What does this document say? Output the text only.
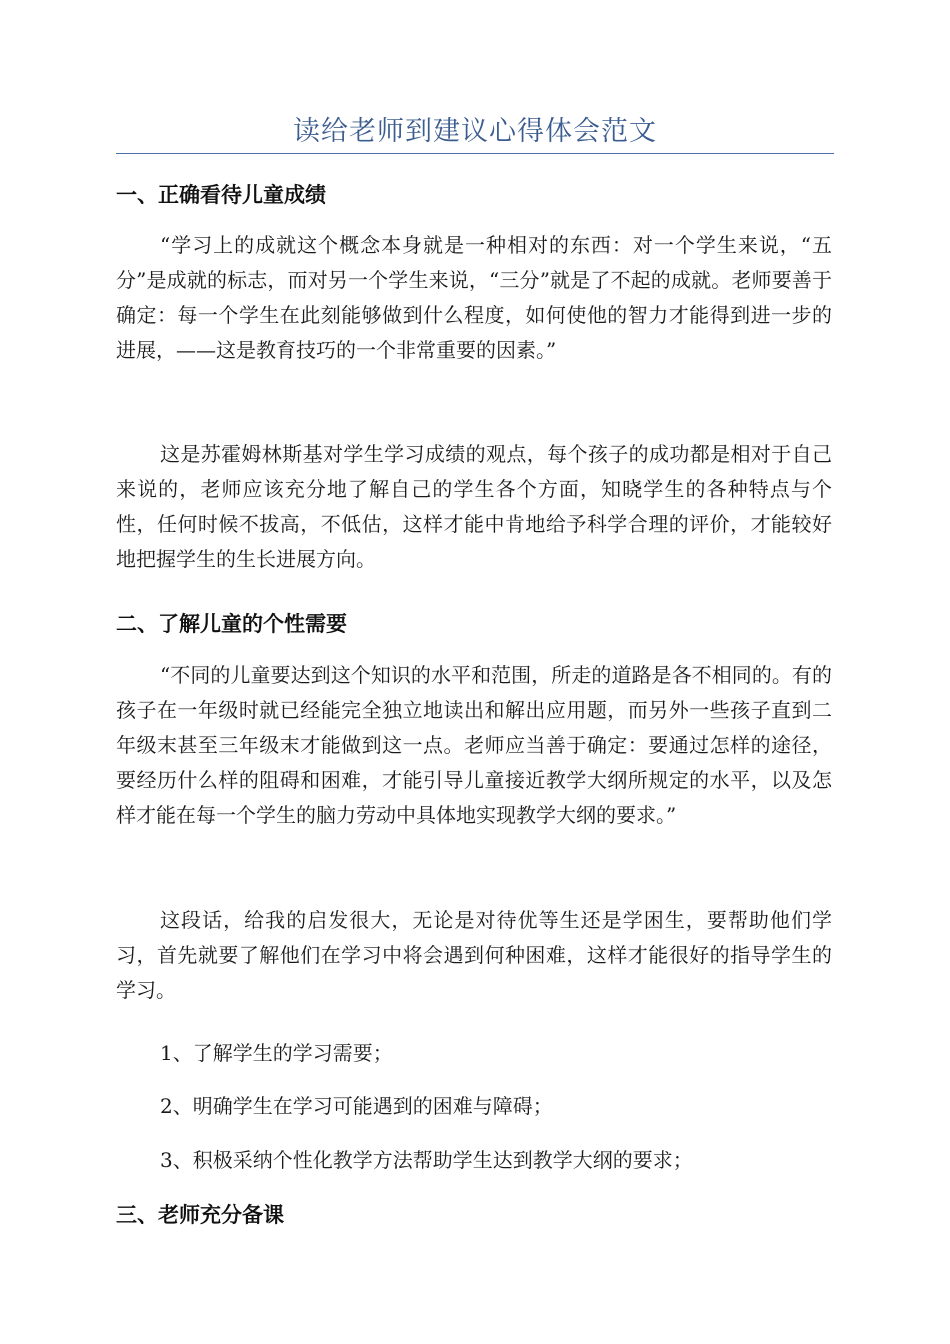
读给老师到建议心得体会范文
一、正确看待儿童成绩

“学习上的成就这个概念本身就是一种相对的东西：对一个学生来说，“五分”是成就的标志，而对另一个学生来说，“三分”就是了不起的成就。老师要善于确定：每一个学生在此刻能够做到什么程度，如何使他的智力才能得到进一步的进展，——这是教育技巧的一个非常重要的因素。”

这是苏霍姆林斯基对学生学习成绩的观点，每个孩子的成功都是相对于自己来说的，老师应该充分地了解自己的学生各个方面，知晓学生的各种特点与个性，任何时候不拔高，不低估，这样才能中肯地给予科学合理的评价，才能较好地把握学生的生长进展方向。

二、了解儿童的个性需要

“不同的儿童要达到这个知识的水平和范围，所走的道路是各不相同的。有的孩子在一年级时就已经能完全独立地读出和解出应用题，而另外一些孩子直到二年级末甚至三年级末才能做到这一点。老师应当善于确定：要通过怎样的途径，要经历什么样的阻碍和困难，才能引导儿童接近教学大纲所规定的水平，以及怎样才能在每一个学生的脑力劳动中具体地实现教学大纲的要求。”

这段话，给我的启发很大，无论是对待优等生还是学困生，要帮助他们学习，首先就要了解他们在学习中将会遇到何种困难，这样才能很好的指导学生的学习。

1、了解学生的学习需要；
2、明确学生在学习可能遇到的困难与障碍；
3、积极采纳个性化教学方法帮助学生达到教学大纲的要求；
三、老师充分备课
